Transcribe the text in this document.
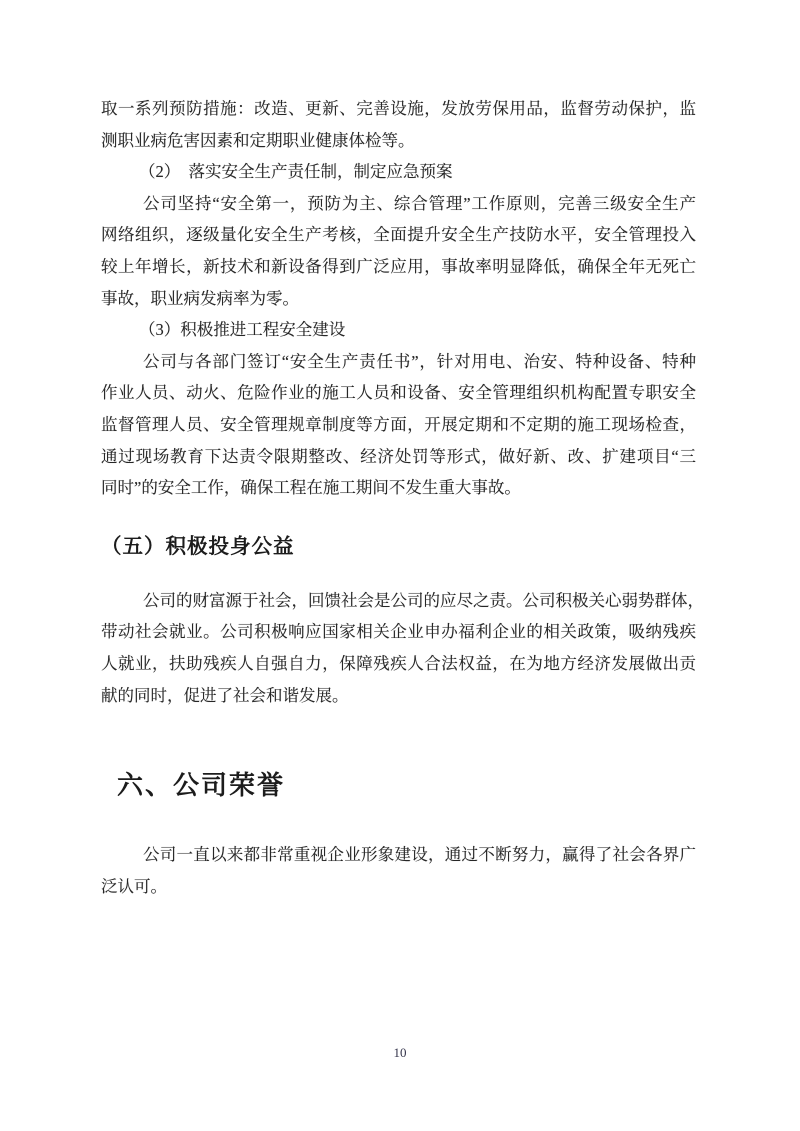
取一系列预防措施：改造、更新、完善设施，发放劳保用品，监督劳动保护，监
测职业病危害因素和定期职业健康体检等。
（2）　落实安全生产责任制，制定应急预案
公司坚持“安全第一，预防为主、综合管理”工作原则，完善三级安全生产
网络组织，逐级量化安全生产考核，全面提升安全生产技防水平，安全管理投入
较上年增长，新技术和新设备得到广泛应用，事故率明显降低，确保全年无死亡
事故，职业病发病率为零。
（3）积极推进工程安全建设
公司与各部门签订“安全生产责任书”，针对用电、治安、特种设备、特种
作业人员、动火、危险作业的施工人员和设备、安全管理组织机构配置专职安全
监督管理人员、安全管理规章制度等方面，开展定期和不定期的施工现场检查，
通过现场教育下达责令限期整改、经济处罚等形式，做好新、改、扩建项目“三
同时”的安全工作，确保工程在施工期间不发生重大事故。
（五）积极投身公益
公司的财富源于社会，回馈社会是公司的应尽之责。公司积极关心弱势群体，
带动社会就业。公司积极响应国家相关企业申办福利企业的相关政策，吸纳残疾
人就业，扶助残疾人自强自力，保障残疾人合法权益，在为地方经济发展做出贡
献的同时，促进了社会和谐发展。
六、公司荣誉
公司一直以来都非常重视企业形象建设，通过不断努力，赢得了社会各界广
泛认可。
10
